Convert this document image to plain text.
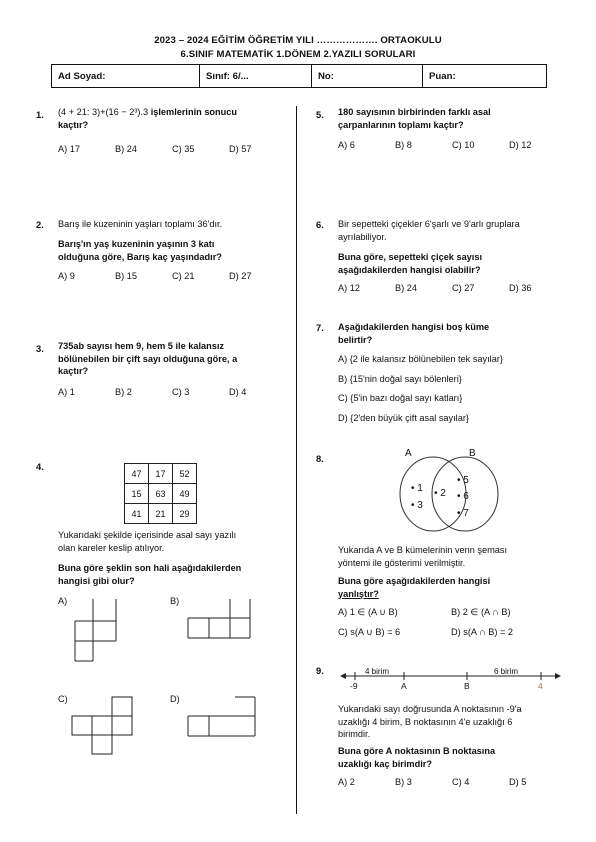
2023 – 2024 EĞİTİM ÖĞRETİM YILI ………………. ORTAOKULU
6.SINIF MATEMATİK 1.DÖNEM 2.YAZILI SORULARI
Ad Soyad:	Sınıf: 6/...	No:	Puan:
1. (4 + 21: 3)+(16 − 2³).3 işlemlerinin sonucu
kaçtır?
A) 17	B) 24	C) 35	D) 57
2. Barış ile kuzeninin yaşları toplamı 36'dır.
Barış'ın yaş kuzeninin yaşının 3 katı
olduğuna göre, Barış kaç yaşındadır?
A) 9	B) 15	C) 21	D) 27
3. 735ab sayısı hem 9, hem 5 ile kalansız
bölünebilen bir çift sayı olduğuna göre, a
kaçtır?
A) 1	B) 2	C) 3	D) 4
4.
47	17	52
15	63	49
41	21	29
Yukarıdaki şekilde içerisinde asal sayı yazılı
olan kareler keslip atılıyor.
Buna göre şeklin son hali aşağıdakilerden
hangisi gibi olur?
A)	B)
C)	D)
5. 180 sayısının birbirinden farklı asal
çarpanlarının toplamı kaçtır?
A) 6	B) 8	C) 10	D) 12
6. Bir sepetteki çiçekler 6'şarlı ve 9'arlı gruplara
ayrılabiliyor.
Buna göre, sepetteki çiçek sayısı
aşağıdakilerden hangisi olabilir?
A) 12	B) 24	C) 27	D) 36
7. Aşağıdakilerden hangisi boş küme
belirtir?
A) {2 ile kalansız bölünebilen tek sayılar}
B) {15'nin doğal sayı bölenleri}
C) {5'in bazı doğal sayı katları}
D) {2'den büyük çift asal sayılar}
8.	A	B
• 1
• 3
• 2
• 5
• 6
• 7
Yukarıda A ve B kümelerinin venn şeması
yöntemi ile gösterimi verilmiştir.
Buna göre aşağıdakilerden hangisi
yanlıştır?
A) 1 ∈ (A ∪ B)	B) 2 ∈ (A ∩ B)
C) s(A ∪ B) = 6	D) s(A ∩ B) = 2
9.	4 birim	6 birim
-9	A	B	4
Yukarıdaki sayı doğrusunda A noktasının -9'a
uzaklığı 4 birim, B noktasının 4'e uzaklığı 6
birimdir.
Buna göre A noktasının B noktasına
uzaklığı kaç birimdir?
A) 2	B) 3	C) 4	D) 5
